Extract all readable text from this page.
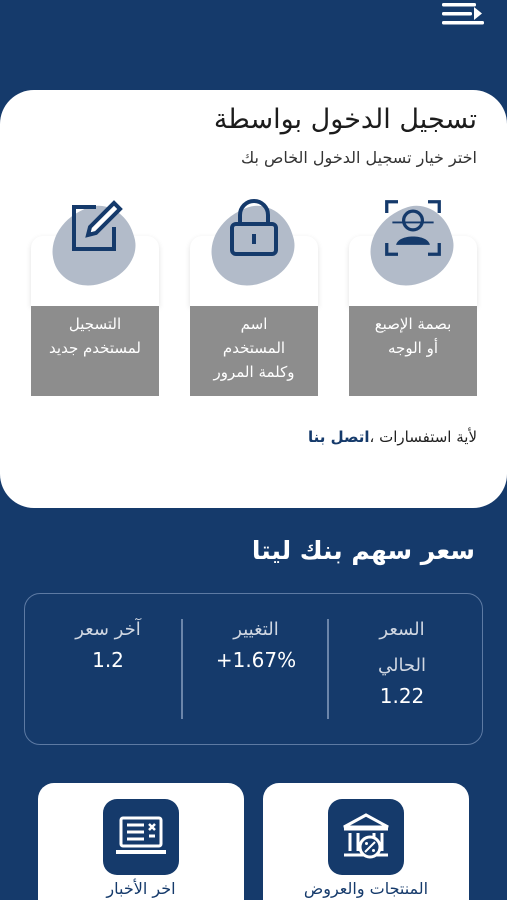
تسجيل الدخول بواسطة
اختر خيار تسجيل الدخول الخاص بك
بصمة الإصبع
أو الوجه
اسم
المستخدم
وكلمة المرور
التسجيل
لمستخدم جديد
لأية استفسارات ،اتصل بنا
سعر سهم بنك ليتا
السعر
الحالي
1.22
التغيير
+1.67%
آخر سعر
1.2
المنتجات والعروض
اخر الأخبار
